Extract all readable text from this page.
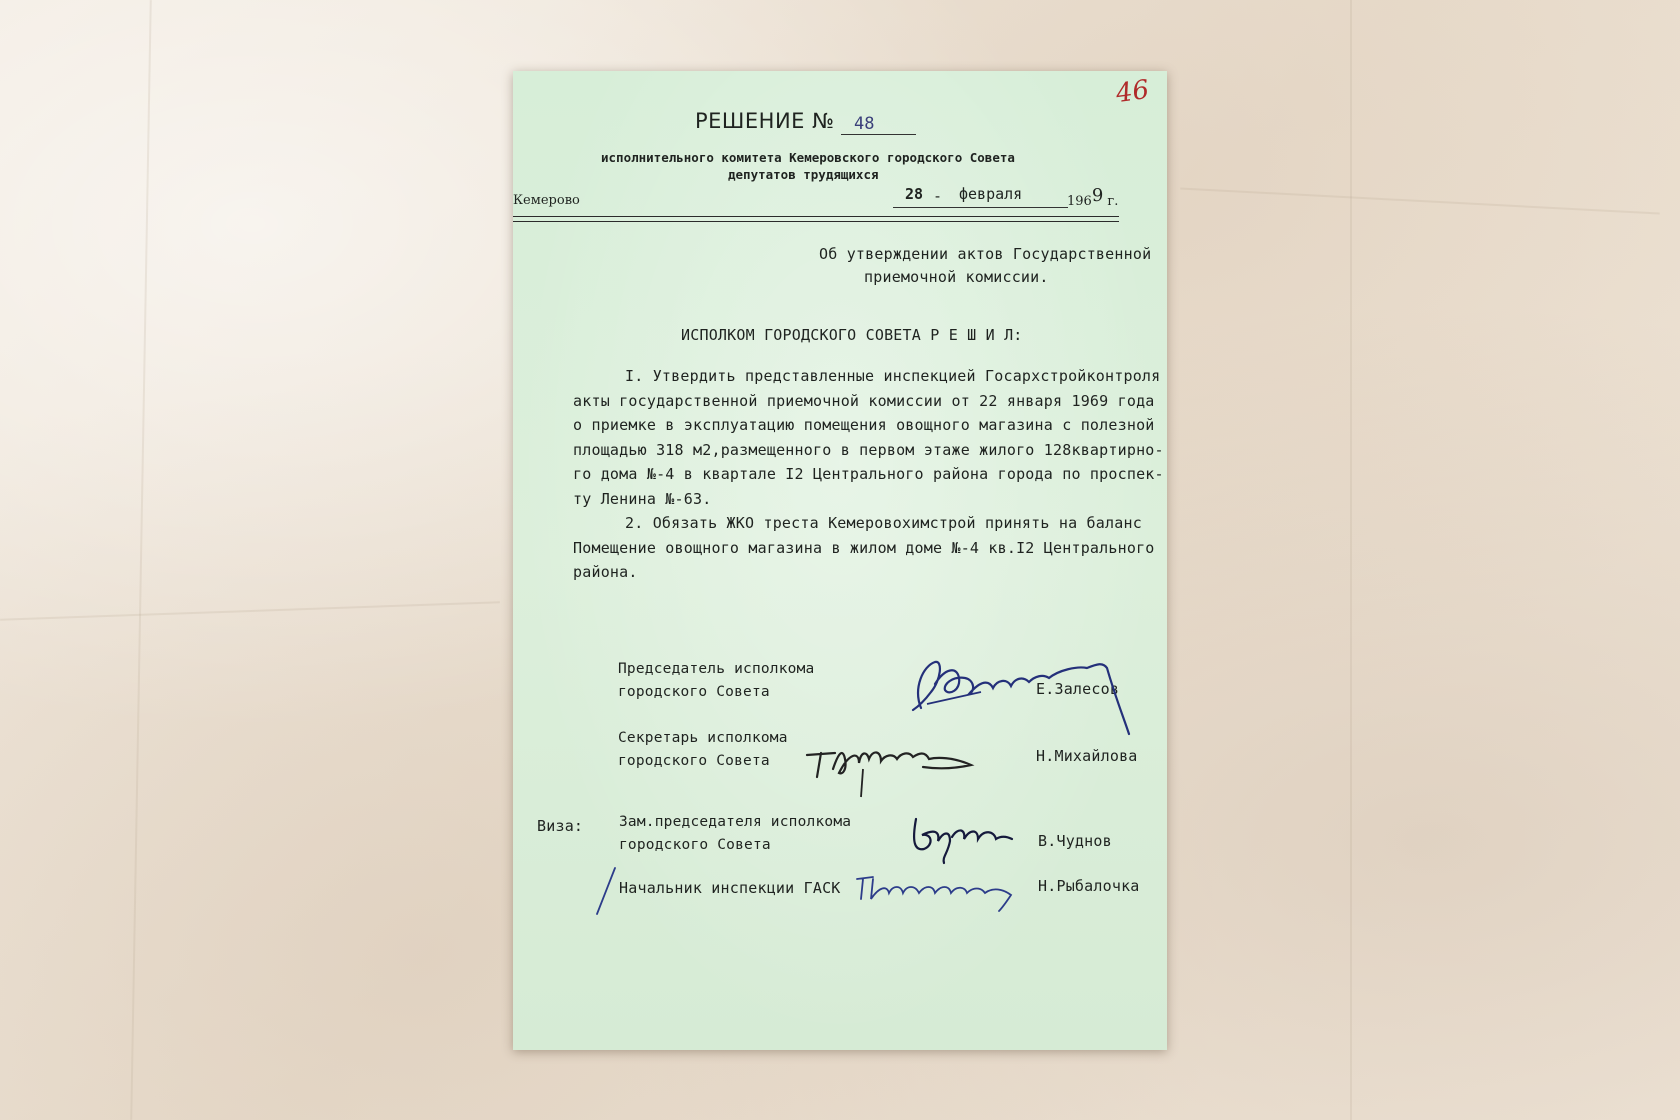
46
РЕШЕНИЕ № 48
исполнительного комитета Кемеровского городского Совета
депутатов трудящихся
Кемерово	28 - февраля	1969 г.
Об утверждении актов Государственной
приемочной комиссии.
ИСПОЛКОМ ГОРОДСКОГО СОВЕТА Р Е Ш И Л:
I. Утвердить представленные инспекцией Госархстройконтроля
акты государственной приемочной комиссии от 22 января 1969 года
о приемке в эксплуатацию помещения овощного магазина с полезной
площадью 318 м2,размещенного в первом этаже жилого 128квартирно-
го дома №-4 в квартале I2 Центрального района города по проспек-
ту Ленина №-63.
2. Обязать ЖКО треста Кемеровохимстрой принять на баланс
Помещение овощного магазина в жилом доме №-4 кв.I2 Центрального
района.
Председатель исполкома
городского Совета	Е.Залесов
Секретарь исполкома
городского Совета	Н.Михайлова
Виза: Зам.председателя исполкома
городского Совета	В.Чуднов
Начальник инспекции ГАСК	Н.Рыбалочка
